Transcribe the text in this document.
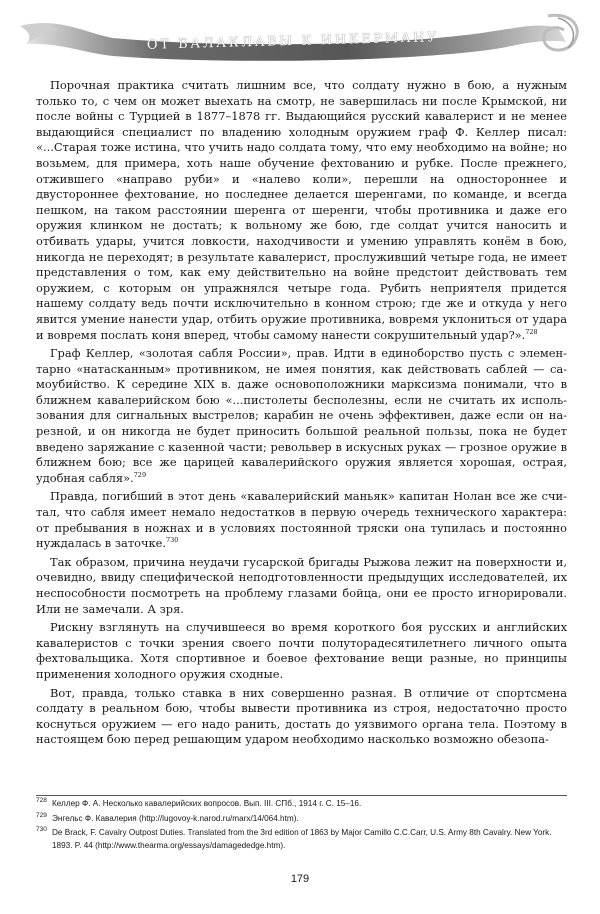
ОТ БАЛАКЛАВЫ К ИНКЕРМАНУ

Порочная практика считать лишним все, что солдату нужно в бою, а нужным только то, с чем он может выехать на смотр, не завершилась ни после Крымской, ни после войны с Турцией в 1877–1878 гг. Выдающийся русский кавалерист и не менее выдающийся специалист по владению холодным оружием граф Ф. Келлер писал: «...Старая тоже истина, что учить надо солдата тому, что ему необходимо на войне; но возьмем, для примера, хоть наше обучение фехтованию и рубке. После прежнего, отжившего «направо руби» и «налево коли», перешли на одностороннее и двустороннее фехтование, но последнее делается шеренгами, по команде, и всегда пешком, на таком расстоянии шеренга от шеренги, чтобы противника и даже его оружия клинком не достать; к вольному же бою, где солдат учится наносить и отбивать удары, учится ловкости, находчивости и умению управлять конём в бою, никогда не переходят; в результате кавалерист, прослуживший четыре года, не имеет представления о том, как ему действительно на войне предстоит действовать тем оружием, с которым он упражнялся четыре года. Рубить неприятеля придется нашему солдату ведь почти исключительно в конном строю; где же и откуда у него явится умение нанести удар, отбить оружие противника, вовремя уклониться от удара и вовремя послать коня вперед, чтобы самому нанести сокрушительный удар?».$^{728}$

Граф Келлер, «золотая сабля России», прав. Идти в единоборство пусть с элементарно «натасканным» противником, не имея понятия, как действовать саблей — самоубийство. К середине XIX в. даже основоположники марксизма понимали, что в ближнем кавалерийском бою «...пистолеты бесполезны, если не считать их использования для сигнальных выстрелов; карабин не очень эффективен, даже если он нарезной, и он никогда не будет приносить большой реальной пользы, пока не будет введено заряжание с казенной части; револьвер в искусных руках — грозное оружие в ближнем бою; все же царицей кавалерийского оружия является хорошая, острая, удобная сабля».$^{729}$

Правда, погибший в этот день «кавалерийский маньяк» капитан Нолан все же считал, что сабля имеет немало недостатков в первую очередь технического характера: от пребывания в ножнах и в условиях постоянной тряски она тупилась и постоянно нуждалась в заточке.$^{730}$

Так образом, причина неудачи гусарской бригады Рыжова лежит на поверхности и, очевидно, ввиду специфической неподготовленности предыдущих исследователей, их неспособности посмотреть на проблему глазами бойца, они ее просто игнорировали. Или не замечали. А зря.

Рискну взглянуть на случившееся во время короткого боя русских и английских кавалеристов с точки зрения своего почти полуторадесятилетнего личного опыта фехтовальщика. Хотя спортивное и боевое фехтование вещи разные, но принципы применения холодного оружия сходные.

Вот, правда, только ставка в них совершенно разная. В отличие от спортсмена солдату в реальном бою, чтобы вывести противника из строя, недостаточно просто коснуться оружием — его надо ранить, достать до уязвимого органа тела. Поэтому в настоящем бою перед решающим ударом необходимо насколько возможно обезопа-

728 Келлер Ф. А. Несколько кавалерийских вопросов. Вып. III. СПб., 1914 г. С. 15–16.
729 Энгельс Ф. Кавалерия (http://lugovoy-k.narod.ru/marx/14/064.htm).
730 De Brack, F. Cavalry Outpost Duties. Translated from the 3rd edition of 1863 by Major Camillo C.C.Carr, U.S. Army 8th Cavalry. New York. 1893. P. 44 (http://www.thearma.org/essays/damagededge.htm).
179
